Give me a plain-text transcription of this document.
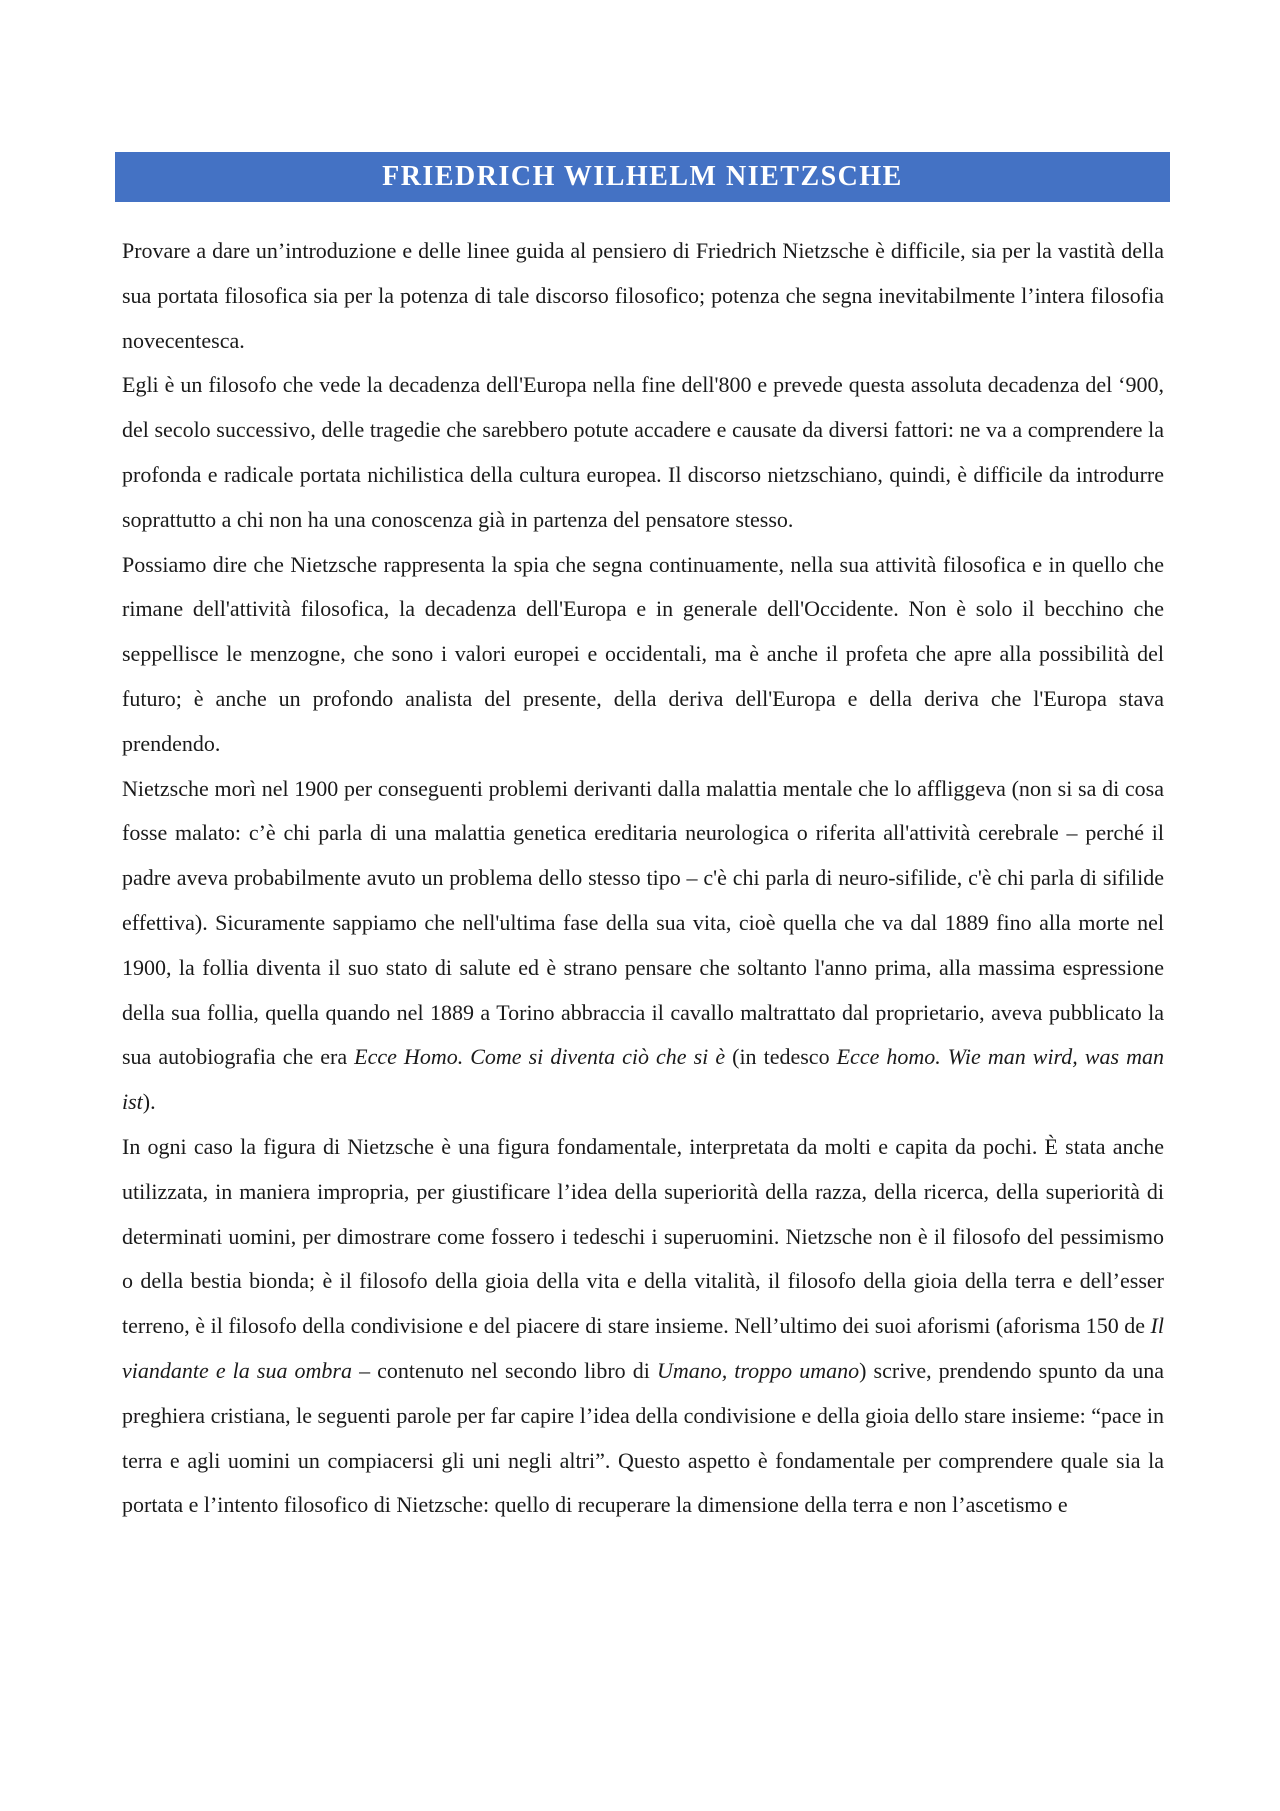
FRIEDRICH WILHELM NIETZSCHE

Provare a dare un’introduzione e delle linee guida al pensiero di Friedrich Nietzsche è difficile, sia per la vastità della sua portata filosofica sia per la potenza di tale discorso filosofico; potenza che segna inevitabilmente l’intera filosofia novecentesca.

Egli è un filosofo che vede la decadenza dell'Europa nella fine dell'800 e prevede questa assoluta decadenza del ‘900, del secolo successivo, delle tragedie che sarebbero potute accadere e causate da diversi fattori: ne va a comprendere la profonda e radicale portata nichilistica della cultura europea. Il discorso nietzschiano, quindi, è difficile da introdurre soprattutto a chi non ha una conoscenza già in partenza del pensatore stesso.

Possiamo dire che Nietzsche rappresenta la spia che segna continuamente, nella sua attività filosofica e in quello che rimane dell'attività filosofica, la decadenza dell'Europa e in generale dell'Occidente. Non è solo il becchino che seppellisce le menzogne, che sono i valori europei e occidentali, ma è anche il profeta che apre alla possibilità del futuro; è anche un profondo analista del presente, della deriva dell'Europa e della deriva che l'Europa stava prendendo.

Nietzsche morì nel 1900 per conseguenti problemi derivanti dalla malattia mentale che lo affliggeva (non si sa di cosa fosse malato: c’è chi parla di una malattia genetica ereditaria neurologica o riferita all'attività cerebrale – perché il padre aveva probabilmente avuto un problema dello stesso tipo – c'è chi parla di neuro-sifilide, c'è chi parla di sifilide effettiva). Sicuramente sappiamo che nell'ultima fase della sua vita, cioè quella che va dal 1889 fino alla morte nel 1900, la follia diventa il suo stato di salute ed è strano pensare che soltanto l'anno prima, alla massima espressione della sua follia, quella quando nel 1889 a Torino abbraccia il cavallo maltrattato dal proprietario, aveva pubblicato la sua autobiografia che era Ecce Homo. Come si diventa ciò che si è (in tedesco Ecce homo. Wie man wird, was man ist).

In ogni caso la figura di Nietzsche è una figura fondamentale, interpretata da molti e capita da pochi. È stata anche utilizzata, in maniera impropria, per giustificare l’idea della superiorità della razza, della ricerca, della superiorità di determinati uomini, per dimostrare come fossero i tedeschi i superuomini. Nietzsche non è il filosofo del pessimismo o della bestia bionda; è il filosofo della gioia della vita e della vitalità, il filosofo della gioia della terra e dell’esser terreno, è il filosofo della condivisione e del piacere di stare insieme. Nell’ultimo dei suoi aforismi (aforisma 150 de Il viandante e la sua ombra – contenuto nel secondo libro di Umano, troppo umano) scrive, prendendo spunto da una preghiera cristiana, le seguenti parole per far capire l’idea della condivisione e della gioia dello stare insieme: “pace in terra e agli uomini un compiacersi gli uni negli altri”. Questo aspetto è fondamentale per comprendere quale sia la portata e l’intento filosofico di Nietzsche: quello di recuperare la dimensione della terra e non l’ascetismo e
